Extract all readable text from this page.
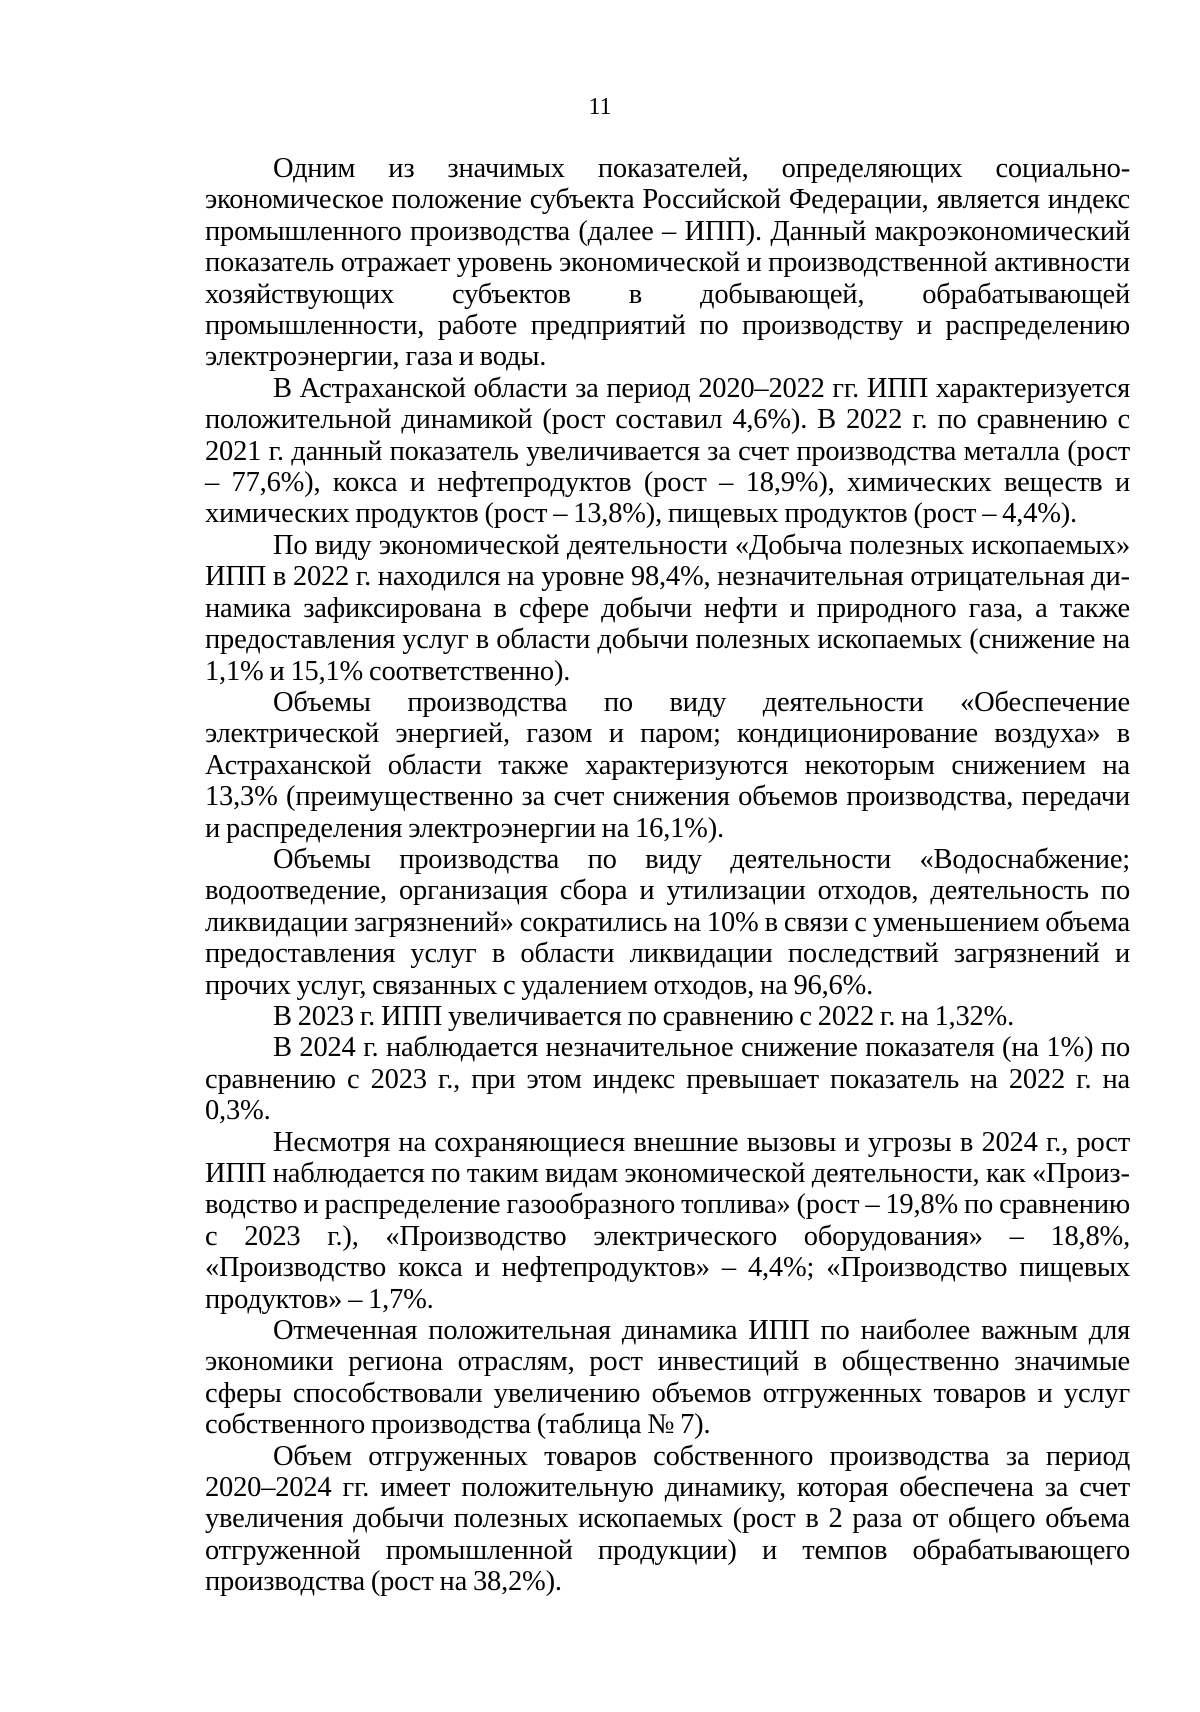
11

Одним из значимых показателей, определяющих социально-экономическое положение субъекта Российской Федерации, является индекс промышленного производства (далее – ИПП). Данный макроэкономический показатель отражает уровень экономической и производственной активности хозяйствующих субъектов в добывающей, обрабатывающей промышленности, работе предприятий по производству и распределению электроэнергии, газа и воды.

В Астраханской области за период 2020–2022 гг. ИПП характеризуется положительной динамикой (рост составил 4,6%). В 2022 г. по сравнению с 2021 г. данный показатель увеличивается за счет производства металла (рост – 77,6%), кокса и нефтепродуктов (рост – 18,9%), химических веществ и химических продуктов (рост – 13,8%), пищевых продуктов (рост – 4,4%).

По виду экономической деятельности «Добыча полезных ископаемых» ИПП в 2022 г. находился на уровне 98,4%, незначительная отрицательная динамика зафиксирована в сфере добычи нефти и природного газа, а также предоставления услуг в области добычи полезных ископаемых (снижение на 1,1% и 15,1% соответственно).

Объемы производства по виду деятельности «Обеспечение электрической энергией, газом и паром; кондиционирование воздуха» в Астраханской области также характеризуются некоторым снижением на 13,3% (преимущественно за счет снижения объемов производства, передачи и распределения электроэнергии на 16,1%).

Объемы производства по виду деятельности «Водоснабжение; водоотведение, организация сбора и утилизации отходов, деятельность по ликвидации загрязнений» сократились на 10% в связи с уменьшением объема предоставления услуг в области ликвидации последствий загрязнений и прочих услуг, связанных с удалением отходов, на 96,6%.

В 2023 г. ИПП увеличивается по сравнению с 2022 г. на 1,32%.

В 2024 г. наблюдается незначительное снижение показателя (на 1%) по сравнению с 2023 г., при этом индекс превышает показатель на 2022 г. на 0,3%.

Несмотря на сохраняющиеся внешние вызовы и угрозы в 2024 г., рост ИПП наблюдается по таким видам экономической деятельности, как «Производство и распределение газообразного топлива» (рост – 19,8% по сравнению с 2023 г.), «Производство электрического оборудования» – 18,8%, «Производство кокса и нефтепродуктов» – 4,4%; «Производство пищевых продуктов» – 1,7%.

Отмеченная положительная динамика ИПП по наиболее важным для экономики региона отраслям, рост инвестиций в общественно значимые сферы способствовали увеличению объемов отгруженных товаров и услуг собственного производства (таблица № 7).

Объем отгруженных товаров собственного производства за период 2020–2024 гг. имеет положительную динамику, которая обеспечена за счет увеличения добычи полезных ископаемых (рост в 2 раза от общего объема отгруженной промышленной продукции) и темпов обрабатывающего производства (рост на 38,2%).
